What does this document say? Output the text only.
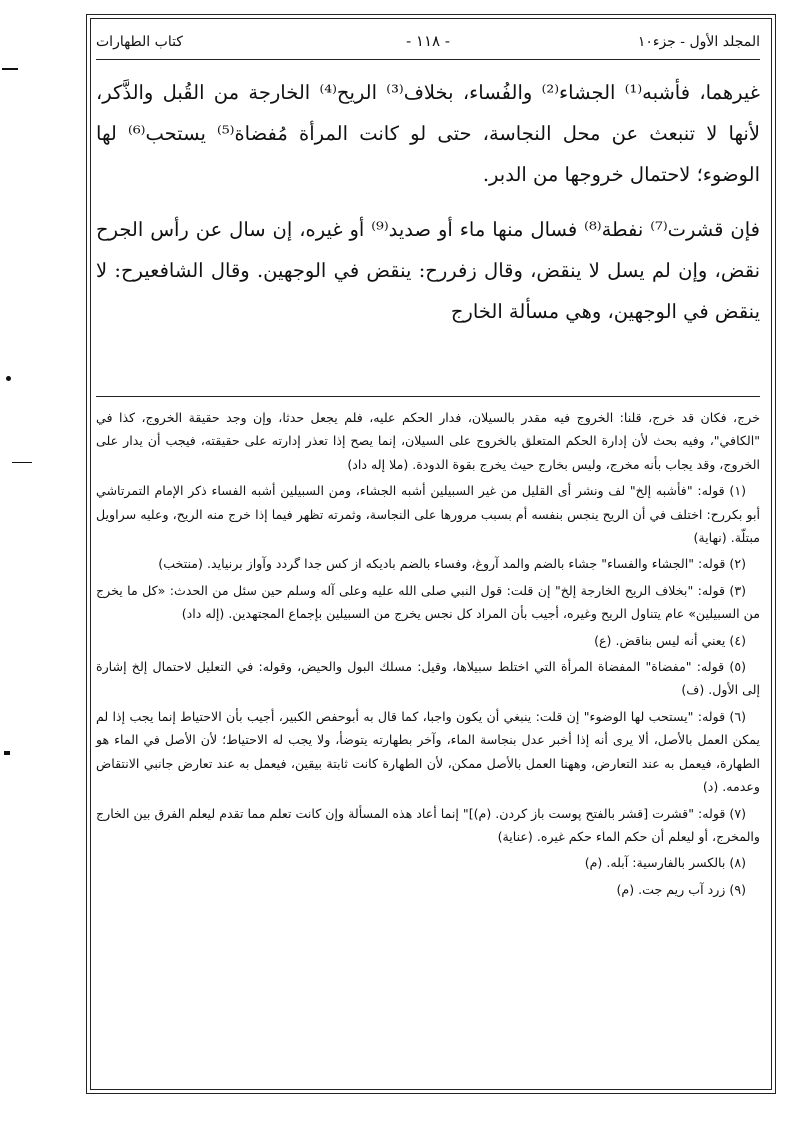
المجلد الأول - جزء١٠
- ١١٨ -
كتاب الطهارات

غيرهما، فأشبه⁽¹⁾ الجشاء⁽²⁾ والفُساء، بخلاف⁽³⁾ الريح⁽⁴⁾ الخارجة من القُبل والذَّكر، لأنها لا تنبعث عن محل النجاسة، حتى لو كانت المرأة مُفضاة⁽⁵⁾ يستحب⁽⁶⁾ لها الوضوء؛ لاحتمال خروجها من الدبر.

فإن قشرت⁽⁷⁾ نفطة⁽⁸⁾ فسال منها ماء أو صديد⁽⁹⁾ أو غيره، إن سال عن رأس الجرح نقض، وإن لم يسل لا ينقض، وقال زفررح: ينقض في الوجهين. وقال الشافعيرح: لا ينقض في الوجهين، وهي مسألة الخارج

خرج، فكان قد خرج، قلنا: الخروج فيه مقدر بالسيلان، فدار الحكم عليه، فلم يجعل حدثا، وإن وجد حقيقة الخروج، كذا في "الكافي"، وفيه بحث لأن إدارة الحكم المتعلق بالخروج على السيلان، إنما يصح إذا تعذر إدارته على حقيقته، فيجب أن يدار على الخروج، وقد يجاب بأنه مخرج، وليس بخارج حيث يخرج بقوة الدودة. (ملا إله داد)

(١) قوله: "فأشبه إلخ" لف ونشر أى القليل من غير السبيلين أشبه الجشاء، ومن السبيلين أشبه الفساء ذكر الإمام التمرتاشي أبو بكررح: اختلف في أن الريح ينجس بنفسه أم بسبب مرورها على النجاسة، وثمرته تظهر فيما إذا خرج منه الريح، وعليه سراويل مبتلّة. (نهاية)

(٢) قوله: "الجشاء والفساء" جشاء بالضم والمد آروغ، وفساء بالضم باديكه از كس جدا گردد وآواز برنيايد. (منتخب)

(٣) قوله: "بخلاف الريح الخارجة إلخ" إن قلت: قول النبي صلى الله عليه وعلى آله وسلم حين سئل من الحدث: «كل ما يخرج من السبيلين» عام يتناول الريح وغيره، أجيب بأن المراد كل نجس يخرج من السبيلين بإجماع المجتهدين. (إله داد)

(٤) يعني أنه ليس بناقض. (ع)

(٥) قوله: "مفضاة" المفضاة المرأة التي اختلط سبيلاها، وقيل: مسلك البول والحيض، وقوله: في التعليل لاحتمال إلخ إشارة إلى الأول. (ف)

(٦) قوله: "يستحب لها الوضوء" إن قلت: ينبغي أن يكون واجبا، كما قال به أبوحفص الكبير، أجيب بأن الاحتياط إنما يجب إذا لم يمكن العمل بالأصل، ألا يرى أنه إذا أخبر عدل بنجاسة الماء، وآخر بطهارته يتوضأ، ولا يجب له الاحتياط؛ لأن الأصل في الماء هو الطهارة، فيعمل به عند التعارض، وههنا العمل بالأصل ممكن، لأن الطهارة كانت ثابتة بيقين، فيعمل به عند تعارض جانبي الانتقاض وعدمه. (د)

(٧) قوله: "قشرت [قشر بالفتح پوست باز كردن. (م)]" إنما أعاد هذه المسألة وإن كانت تعلم مما تقدم ليعلم الفرق بين الخارج والمخرج، أو ليعلم أن حكم الماء حكم غيره. (عناية)

(٨) بالكسر بالفارسية: آبله. (م)

(٩) زرد آب ريم جت. (م)
